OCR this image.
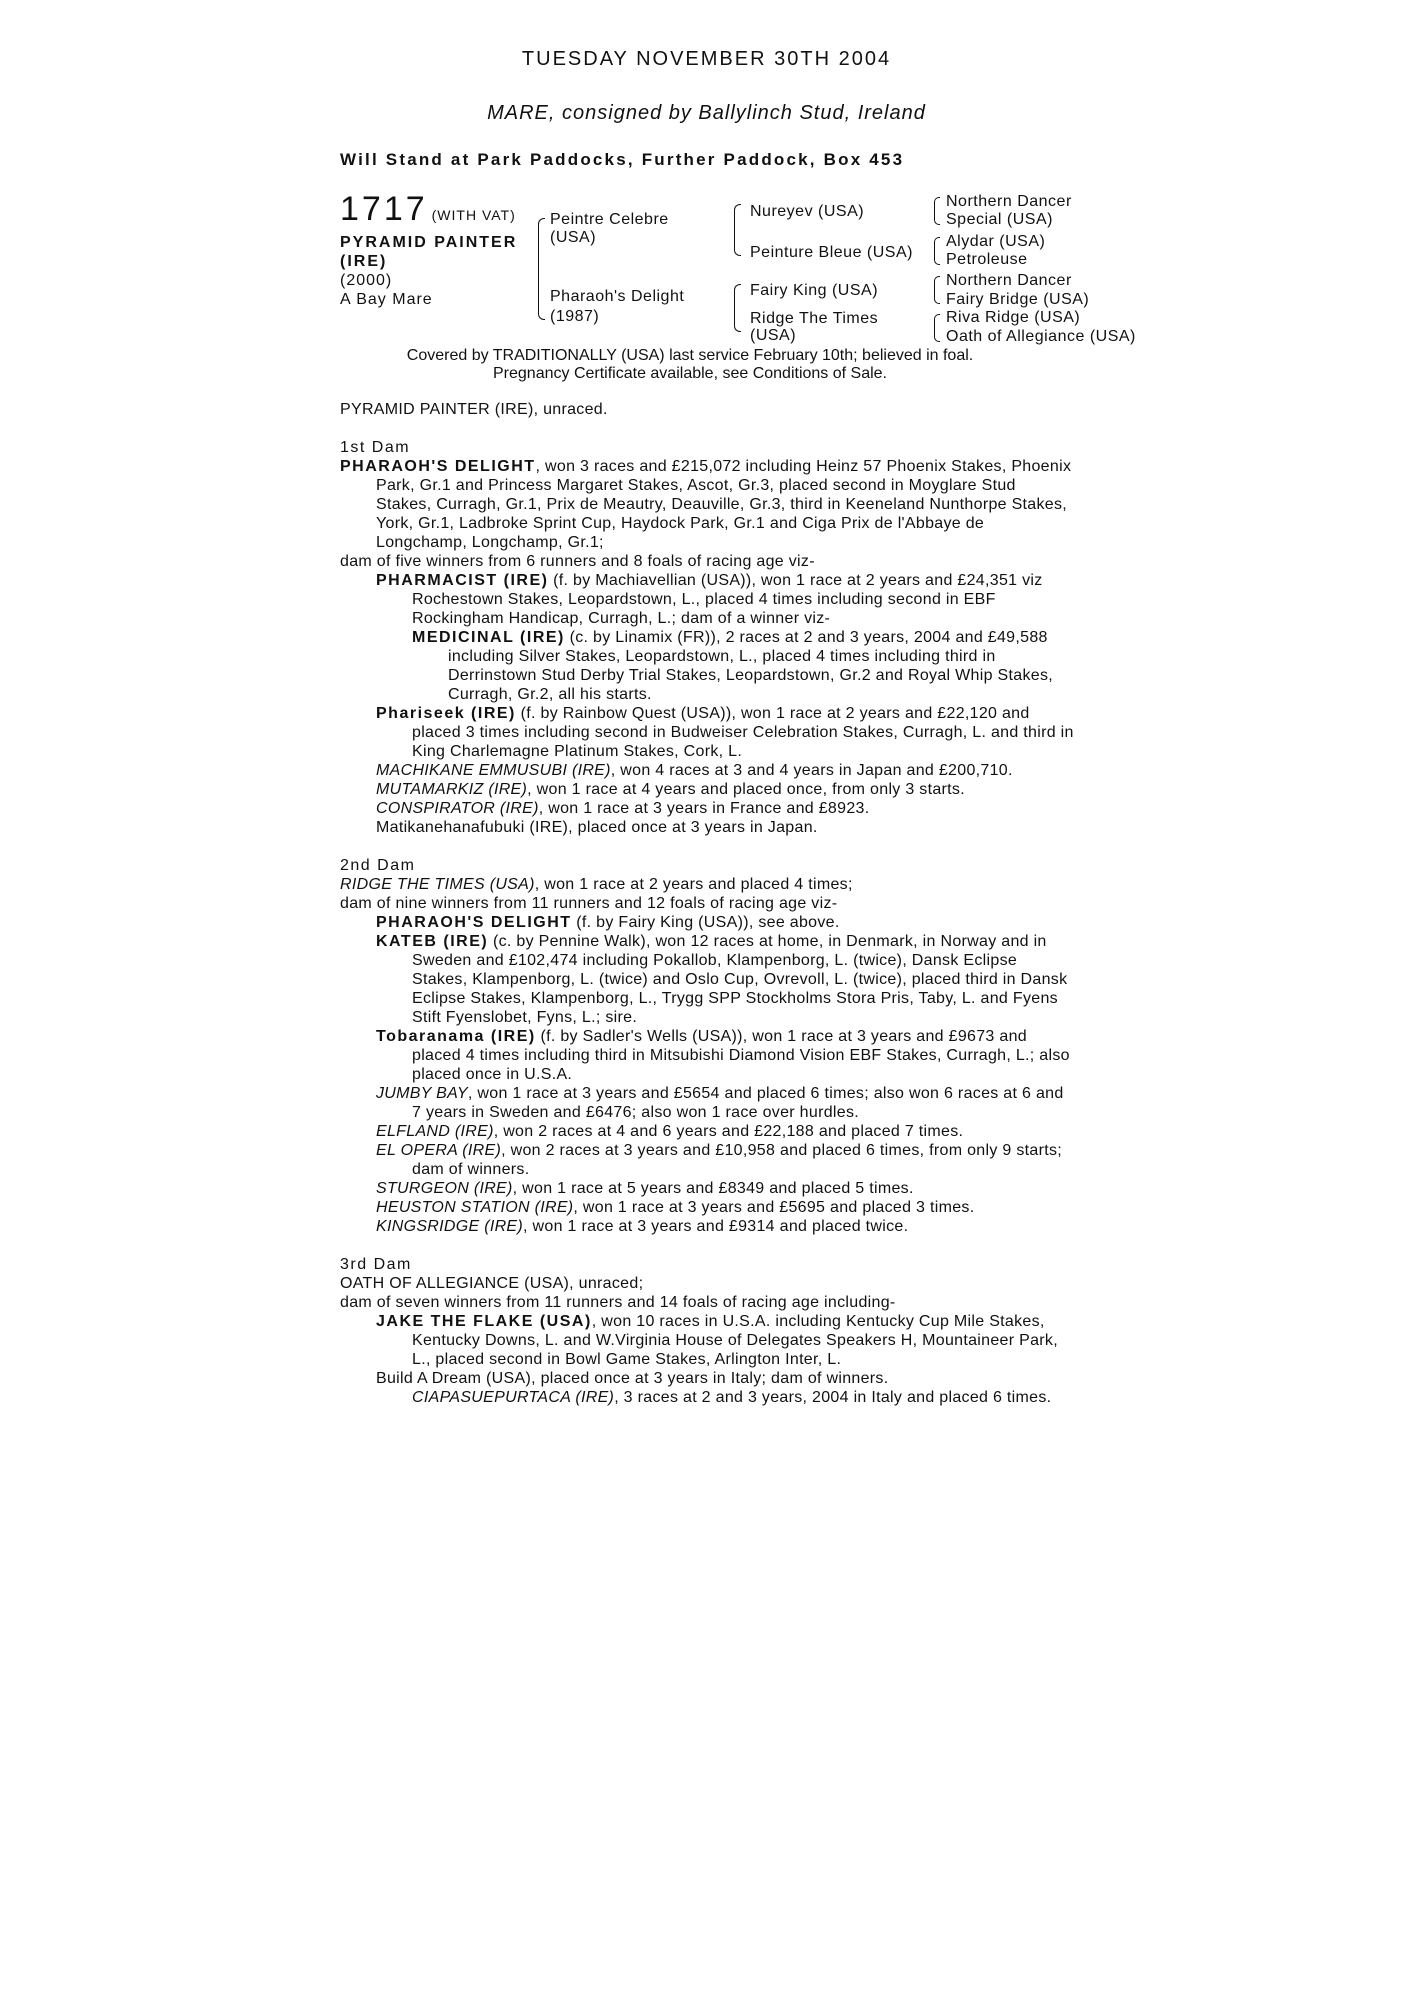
TUESDAY NOVEMBER 30TH 2004
MARE, consigned by Ballylinch Stud, Ireland
Will Stand at Park Paddocks, Further Paddock, Box 453
1717 (WITH VAT)
PYRAMID PAINTER
(IRE)
(2000)
A Bay Mare
Peintre Celebre
(USA)
Pharaoh's Delight
(1987)
Nureyev (USA)
Peinture Bleue (USA)
Fairy King (USA)
Ridge The Times
(USA)
Northern Dancer
Special (USA)
Alydar (USA)
Petroleuse
Northern Dancer
Fairy Bridge (USA)
Riva Ridge (USA)
Oath of Allegiance (USA)
Covered by TRADITIONALLY (USA) last service February 10th; believed in foal.
Pregnancy Certificate available, see Conditions of Sale.

PYRAMID PAINTER (IRE), unraced.

1st Dam

PHARAOH'S DELIGHT, won 3 races and £215,072 including Heinz 57 Phoenix Stakes, Phoenix Park, Gr.1 and Princess Margaret Stakes, Ascot, Gr.3, placed second in Moyglare Stud Stakes, Curragh, Gr.1, Prix de Meautry, Deauville, Gr.3, third in Keeneland Nunthorpe Stakes, York, Gr.1, Ladbroke Sprint Cup, Haydock Park, Gr.1 and Ciga Prix de l'Abbaye de Longchamp, Longchamp, Gr.1;

dam of five winners from 6 runners and 8 foals of racing age viz-

PHARMACIST (IRE) (f. by Machiavellian (USA)), won 1 race at 2 years and £24,351 viz Rochestown Stakes, Leopardstown, L., placed 4 times including second in EBF Rockingham Handicap, Curragh, L.; dam of a winner viz-

MEDICINAL (IRE) (c. by Linamix (FR)), 2 races at 2 and 3 years, 2004 and £49,588 including Silver Stakes, Leopardstown, L., placed 4 times including third in Derrinstown Stud Derby Trial Stakes, Leopardstown, Gr.2 and Royal Whip Stakes, Curragh, Gr.2, all his starts.

Phariseek (IRE) (f. by Rainbow Quest (USA)), won 1 race at 2 years and £22,120 and placed 3 times including second in Budweiser Celebration Stakes, Curragh, L. and third in King Charlemagne Platinum Stakes, Cork, L.

MACHIKANE EMMUSUBI (IRE), won 4 races at 3 and 4 years in Japan and £200,710.

MUTAMARKIZ (IRE), won 1 race at 4 years and placed once, from only 3 starts.

CONSPIRATOR (IRE), won 1 race at 3 years in France and £8923.

Matikanehanafubuki (IRE), placed once at 3 years in Japan.

2nd Dam

RIDGE THE TIMES (USA), won 1 race at 2 years and placed 4 times;

dam of nine winners from 11 runners and 12 foals of racing age viz-

PHARAOH'S DELIGHT (f. by Fairy King (USA)), see above.

KATEB (IRE) (c. by Pennine Walk), won 12 races at home, in Denmark, in Norway and in Sweden and £102,474 including Pokallob, Klampenborg, L. (twice), Dansk Eclipse Stakes, Klampenborg, L. (twice) and Oslo Cup, Ovrevoll, L. (twice), placed third in Dansk Eclipse Stakes, Klampenborg, L., Trygg SPP Stockholms Stora Pris, Taby, L. and Fyens Stift Fyenslobet, Fyns, L.; sire.

Tobaranama (IRE) (f. by Sadler's Wells (USA)), won 1 race at 3 years and £9673 and placed 4 times including third in Mitsubishi Diamond Vision EBF Stakes, Curragh, L.; also placed once in U.S.A.

JUMBY BAY, won 1 race at 3 years and £5654 and placed 6 times; also won 6 races at 6 and 7 years in Sweden and £6476; also won 1 race over hurdles.

ELFLAND (IRE), won 2 races at 4 and 6 years and £22,188 and placed 7 times.

EL OPERA (IRE), won 2 races at 3 years and £10,958 and placed 6 times, from only 9 starts; dam of winners.

STURGEON (IRE), won 1 race at 5 years and £8349 and placed 5 times.

HEUSTON STATION (IRE), won 1 race at 3 years and £5695 and placed 3 times.

KINGSRIDGE (IRE), won 1 race at 3 years and £9314 and placed twice.

3rd Dam

OATH OF ALLEGIANCE (USA), unraced;

dam of seven winners from 11 runners and 14 foals of racing age including-

JAKE THE FLAKE (USA), won 10 races in U.S.A. including Kentucky Cup Mile Stakes, Kentucky Downs, L. and W.Virginia House of Delegates Speakers H, Mountaineer Park, L., placed second in Bowl Game Stakes, Arlington Inter, L.

Build A Dream (USA), placed once at 3 years in Italy; dam of winners.

CIAPASUEPURTACA (IRE), 3 races at 2 and 3 years, 2004 in Italy and placed 6 times.
